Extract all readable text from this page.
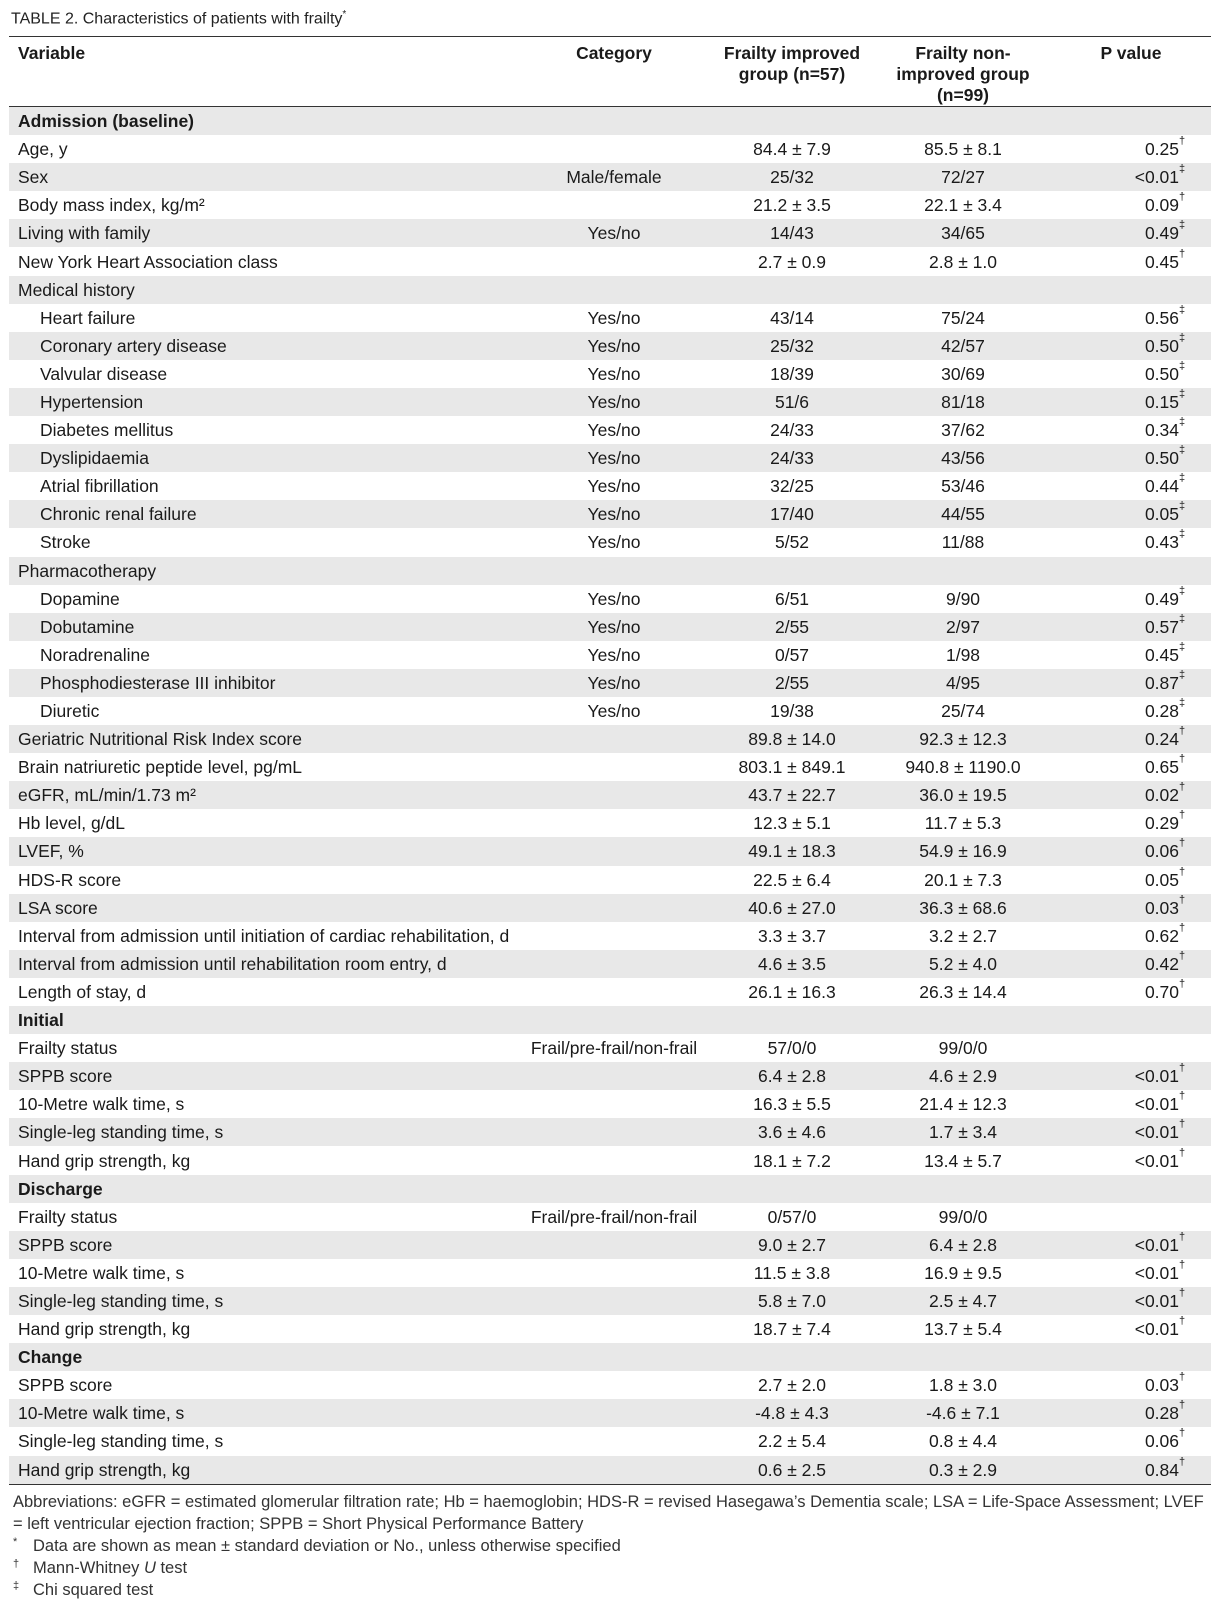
TABLE 2. Characteristics of patients with frailty*
Variable	Category	Frailty improved group (n=57)	Frailty non-improved group (n=99)	P value
Admission (baseline)				

Age, y		84.4 ± 7.9	85.5 ± 8.1	0.25 †

Sex	Male/female	25/32	72/27	<0.01 ‡

Body mass index, kg/m²		21.2 ± 3.5	22.1 ± 3.4	0.09 †

Living with family	Yes/no	14/43	34/65	0.49 ‡

New York Heart Association class		2.7 ± 0.9	2.8 ± 1.0	0.45 †

Medical history				

Heart failure	Yes/no	43/14	75/24	0.56 ‡

Coronary artery disease	Yes/no	25/32	42/57	0.50 ‡

Valvular disease	Yes/no	18/39	30/69	0.50 ‡

Hypertension	Yes/no	51/6	81/18	0.15 ‡

Diabetes mellitus	Yes/no	24/33	37/62	0.34 ‡

Dyslipidaemia	Yes/no	24/33	43/56	0.50 ‡

Atrial fibrillation	Yes/no	32/25	53/46	0.44 ‡

Chronic renal failure	Yes/no	17/40	44/55	0.05 ‡

Stroke	Yes/no	5/52	11/88	0.43 ‡

Pharmacotherapy				

Dopamine	Yes/no	6/51	9/90	0.49 ‡

Dobutamine	Yes/no	2/55	2/97	0.57 ‡

Noradrenaline	Yes/no	0/57	1/98	0.45 ‡

Phosphodiesterase III inhibitor	Yes/no	2/55	4/95	0.87 ‡

Diuretic	Yes/no	19/38	25/74	0.28 ‡

Geriatric Nutritional Risk Index score		89.8 ± 14.0	92.3 ± 12.3	0.24 †

Brain natriuretic peptide level, pg/mL		803.1 ± 849.1	940.8 ± 1190.0	0.65 †

eGFR, mL/min/1.73 m²		43.7 ± 22.7	36.0 ± 19.5	0.02 †

Hb level, g/dL		12.3 ± 5.1	11.7 ± 5.3	0.29 †

LVEF, %		49.1 ± 18.3	54.9 ± 16.9	0.06 †

HDS-R score		22.5 ± 6.4	20.1 ± 7.3	0.05 †

LSA score		40.6 ± 27.0	36.3 ± 68.6	0.03 †

Interval from admission until initiation of cardiac rehabilitation, d		3.3 ± 3.7	3.2 ± 2.7	0.62 †

Interval from admission until rehabilitation room entry, d		4.6 ± 3.5	5.2 ± 4.0	0.42 †

Length of stay, d		26.1 ± 16.3	26.3 ± 14.4	0.70 †

Initial				

Frailty status	Frail/pre-frail/non-frail	57/0/0	99/0/0	

SPPB score		6.4 ± 2.8	4.6 ± 2.9	<0.01 †

10-Metre walk time, s		16.3 ± 5.5	21.4 ± 12.3	<0.01 †

Single-leg standing time, s		3.6 ± 4.6	1.7 ± 3.4	<0.01 †

Hand grip strength, kg		18.1 ± 7.2	13.4 ± 5.7	<0.01 †

Discharge				

Frailty status	Frail/pre-frail/non-frail	0/57/0	99/0/0	

SPPB score		9.0 ± 2.7	6.4 ± 2.8	<0.01 †

10-Metre walk time, s		11.5 ± 3.8	16.9 ± 9.5	<0.01 †

Single-leg standing time, s		5.8 ± 7.0	2.5 ± 4.7	<0.01 †

Hand grip strength, kg		18.7 ± 7.4	13.7 ± 5.4	<0.01 †

Change				

SPPB score		2.7 ± 2.0	1.8 ± 3.0	0.03 †

10-Metre walk time, s		-4.8 ± 4.3	-4.6 ± 7.1	0.28 †

Single-leg standing time, s		2.2 ± 5.4	0.8 ± 4.4	0.06 †

Hand grip strength, kg		0.6 ± 2.5	0.3 ± 2.9	0.84 †
Abbreviations: eGFR = estimated glomerular filtration rate; Hb = haemoglobin; HDS-R = revised Hasegawa’s Dementia scale; LSA = Life-Space Assessment; LVEF = left ventricular ejection fraction; SPPB = Short Physical Performance Battery
* Data are shown as mean ± standard deviation or No., unless otherwise specified
† Mann-Whitney U test
‡ Chi squared test
